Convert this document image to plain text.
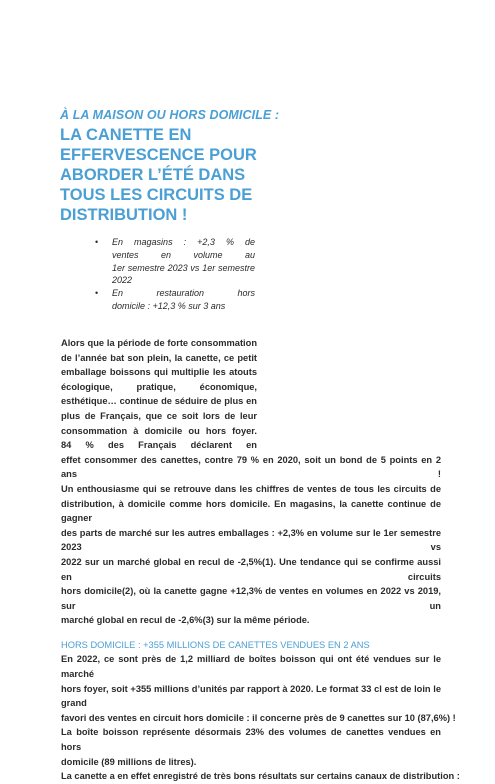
À LA MAISON OU HORS DOMICILE :
LA CANETTE EN
EFFERVESCENCE POUR
ABORDER L’ÉTÉ DANS
TOUS LES CIRCUITS DE
DISTRIBUTION !
• En magasins : +2,3 % de
ventes en volume au
1er semestre 2023 vs 1er semestre
2022
• En restauration hors
domicile : +12,3 % sur 3 ans
Alors que la période de forte consommation
de l’année bat son plein, la canette, ce petit
emballage boissons qui multiplie les atouts
écologique, pratique, économique,
esthétique… continue de séduire de plus en
plus de Français, que ce soit lors de leur
consommation à domicile ou hors foyer.
84 % des Français déclarent en
effet consommer des canettes, contre 79 % en 2020, soit un bond de 5 points en 2 ans !
Un enthousiasme qui se retrouve dans les chiffres de ventes de tous les circuits de
distribution, à domicile comme hors domicile. En magasins, la canette continue de gagner
des parts de marché sur les autres emballages : +2,3% en volume sur le 1er semestre 2023 vs
2022 sur un marché global en recul de -2,5%(1). Une tendance qui se confirme aussi en circuits
hors domicile(2), où la canette gagne +12,3% de ventes en volumes en 2022 vs 2019, sur un
marché global en recul de -2,6%(3) sur la même période.
HORS DOMICILE : +355 MILLIONS DE CANETTES VENDUES EN 2 ANS
En 2022, ce sont près de 1,2 milliard de boîtes boisson qui ont été vendues sur le marché
hors foyer, soit +355 millions d’unités par rapport à 2020. Le format 33 cl est de loin le grand
favori des ventes en circuit hors domicile : il concerne près de 9 canettes sur 10 (87,6%) !
La boîte boisson représente désormais 23% des volumes de canettes vendues en hors
domicile (89 millions de litres).
La canette a en effet enregistré de très bons résultats sur certains canaux de distribution :
